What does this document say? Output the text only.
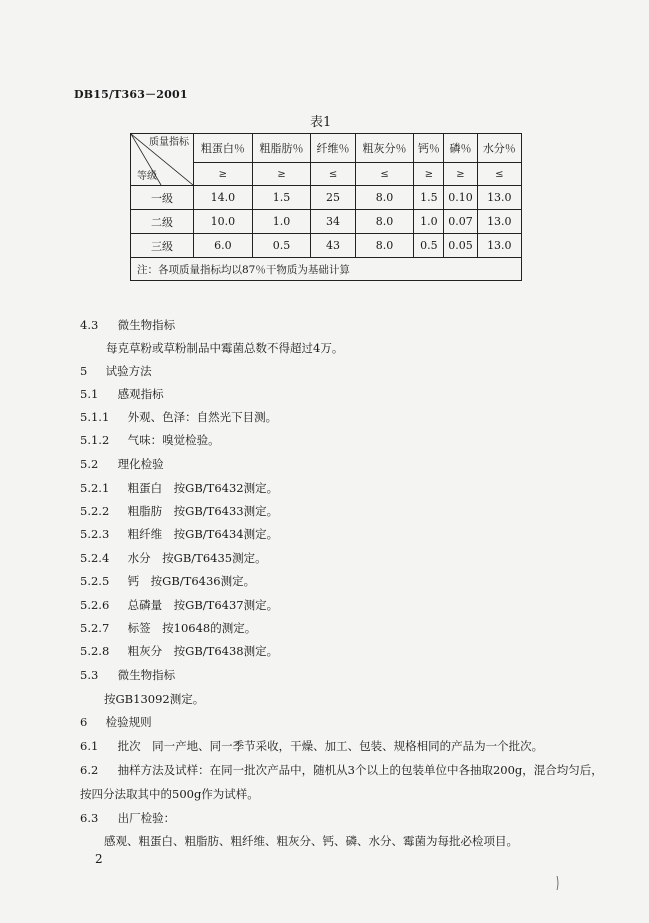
DB15/T363－2001
表1
质量指标
等级	粗蛋白％	粗脂肪％	纤维％	粗灰分％	钙％	磷％	水分％
	≥	≥	≤	≤	≥	≥	≤
一级	14.0	1.5	25	8.0	1.5	0.10	13.0
二级	10.0	1.0	34	8.0	1.0	0.07	13.0
三级	6.0	0.5	43	8.0	0.5	0.05	13.0
注：各项质量指标均以87％干物质为基础计算							
4.3 微生物指标
每克草粉或草粉制品中霉菌总数不得超过4万。
5 试验方法
5.1 感观指标
5.1.1 外观、色泽：自然光下目测。
5.1.2 气味：嗅觉检验。
5.2 理化检验
5.2.1 粗蛋白　按GB/T6432测定。
5.2.2 粗脂肪　按GB/T6433测定。
5.2.3 粗纤维　按GB/T6434测定。
5.2.4 水分　按GB/T6435测定。
5.2.5 钙　按GB/T6436测定。
5.2.6 总磷量　按GB/T6437测定。
5.2.7 标签　按10648的测定。
5.2.8 粗灰分　按GB/T6438测定。
5.3 微生物指标
按GB13092测定。
6 检验规则
6.1 批次　同一产地、同一季节采收，干燥、加工、包装、规格相同的产品为一个批次。
6.2 抽样方法及试样：在同一批次产品中，随机从3个以上的包装单位中各抽取200g，混合均匀后，
按四分法取其中的500g作为试样。
6.3 出厂检验：
感观、粗蛋白、粗脂肪、粗纤维、粗灰分、钙、磷、水分、霉菌为每批必检项目。
2
